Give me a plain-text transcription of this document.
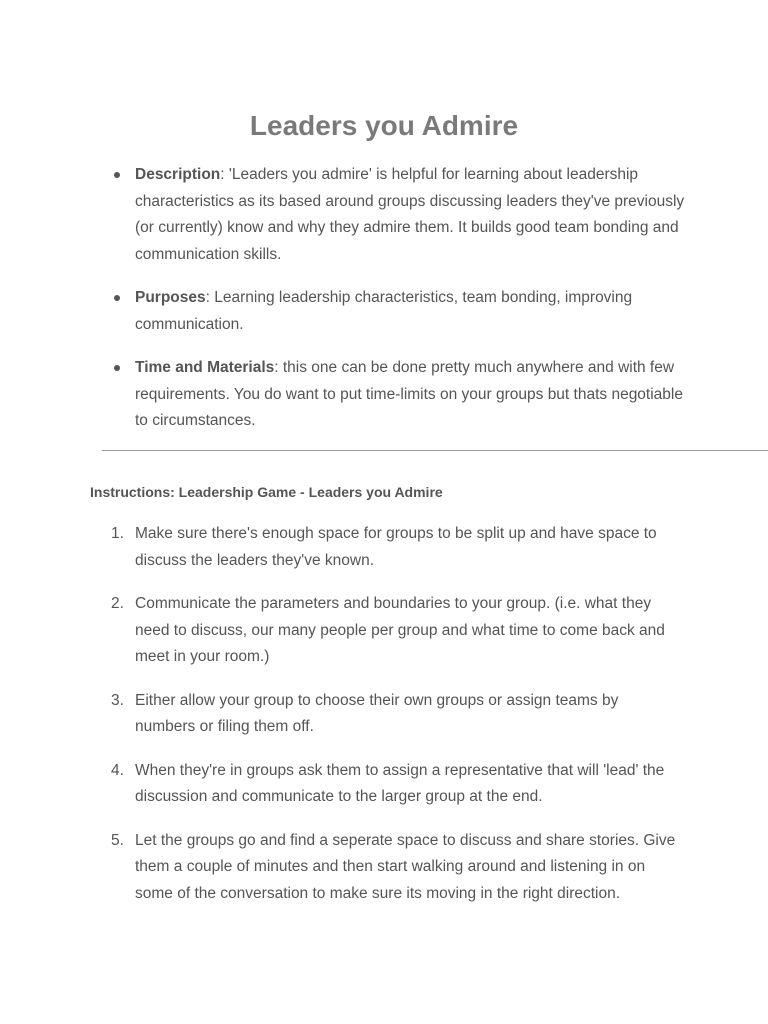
Leaders you Admire
Description: 'Leaders you admire' is helpful for learning about leadership characteristics as its based around groups discussing leaders they've previously (or currently) know and why they admire them. It builds good team bonding and communication skills.
Purposes: Learning leadership characteristics, team bonding, improving communication.
Time and Materials: this one can be done pretty much anywhere and with few requirements. You do want to put time-limits on your groups but thats negotiable to circumstances.
Instructions: Leadership Game - Leaders you Admire
1. Make sure there's enough space for groups to be split up and have space to discuss the leaders they've known.
2. Communicate the parameters and boundaries to your group. (i.e. what they need to discuss, our many people per group and what time to come back and meet in your room.)
3. Either allow your group to choose their own groups or assign teams by numbers or filing them off.
4. When they're in groups ask them to assign a representative that will 'lead' the discussion and communicate to the larger group at the end.
5. Let the groups go and find a seperate space to discuss and share stories. Give them a couple of minutes and then start walking around and listening in on some of the conversation to make sure its moving in the right direction.
